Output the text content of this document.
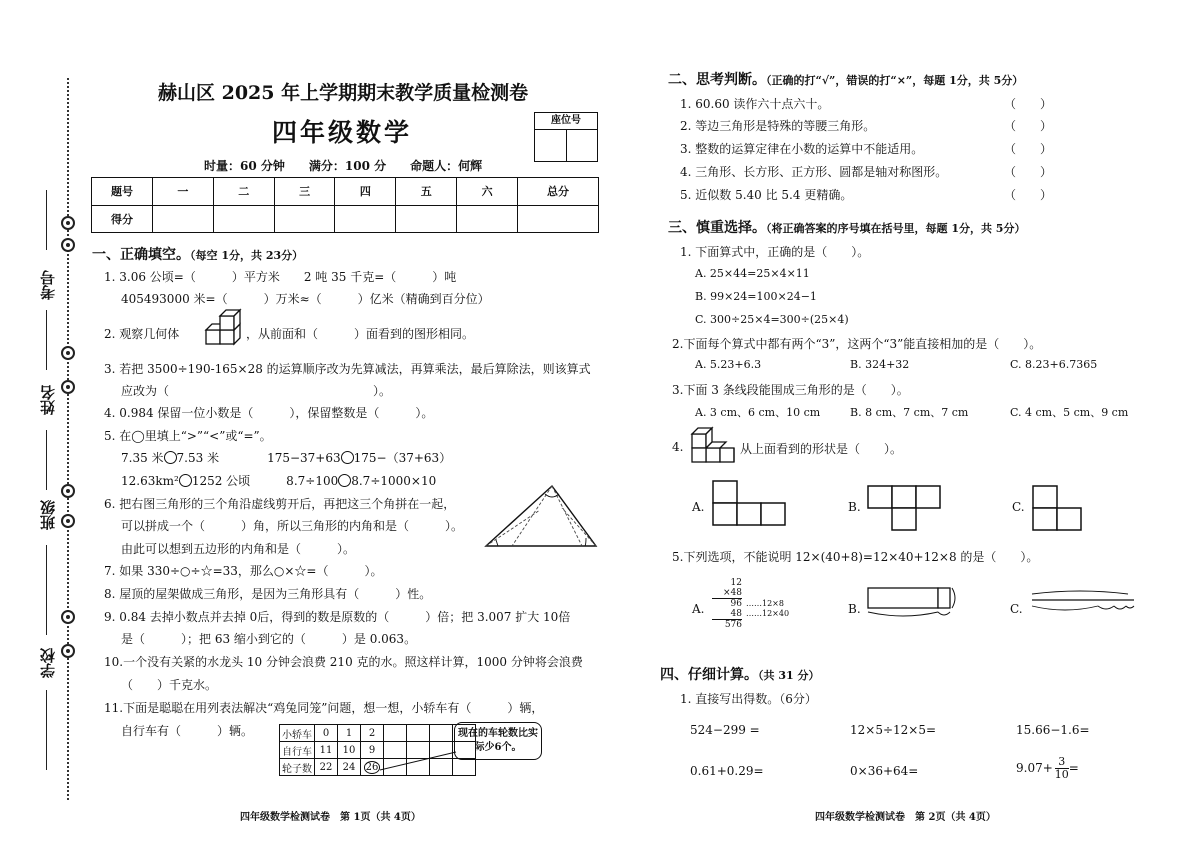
考号
姓名
班级
学校
赫山区 2025 年上学期期末教学质量检测卷
四年级数学	座位号
时量：60 分钟　　满分：100 分　　命题人：何辉
题号	一	二	三	四	五	六	总分
得分							
一、正确填空。（每空 1分，共 23分）
1. 3.06 公顷=（　　　）平方米　　2 吨 35 千克=（　　　）吨
405493000 米=（　　　）万米≈（　　　）亿米（精确到百分位）
2. 观察几何体	，从前面和（　　　）面看到的图形相同。
3. 若把 3500÷190-165×28 的运算顺序改为先算减法，再算乘法，最后算除法，则该算式
应改为（　　　　　　　　　　　　　　　　　）。
4. 0.984 保留一位小数是（　　　），保留整数是（　　　）。
5. 在◯里填上“>”“<”或“=”。
7.35 米 7.53 米　　　　175−37+63 175−（37+63）
12.63km² 1252 公顷　　　8.7÷100 8.7÷1000×10
6. 把右图三角形的三个角沿虚线剪开后，再把这三个角拼在一起，
可以拼成一个（　　　）角，所以三角形的内角和是（　　　）。
由此可以想到五边形的内角和是（　　　）。
7. 如果 330÷○÷☆=33，那么○×☆=（　　　）。
8. 屋顶的屋架做成三角形，是因为三角形具有（　　　）性。
9. 0.84 去掉小数点并去掉 0后，得到的数是原数的（　　　）倍；把 3.007 扩大 10倍
是（　　　）；把 63 缩小到它的（　　　）是 0.063。
10.一个没有关紧的水龙头 10 分钟会浪费 210 克的水。照这样计算，1000 分钟将会浪费
（　　）千克水。
11.下面是聪聪在用列表法解决“鸡兔同笼”问题，想一想，小轿车有（　　　）辆，
自行车有（　　　）辆。	小轿车	0	1	2				
自行车	11	10	9				
轮子数	22	24	26				
现在的车轮数比实际少6个。
二、思考判断。（正确的打“√”，错误的打“×”，每题 1分，共 5分）
1. 60.60 读作六十点六十。
2. 等边三角形是特殊的等腰三角形。
3. 整数的运算定律在小数的运算中不能适用。
4. 三角形、长方形、正方形、圆都是轴对称图形。
5. 近似数 5.40 比 5.4 更精确。
（　　）
（　　）
（　　）
（　　）
（　　）
三、慎重选择。（将正确答案的序号填在括号里，每题 1分，共 5分）
1. 下面算式中，正确的是（　　）。
A. 25×44=25×4×11
B. 99×24=100×24−1
C. 300÷25×4=300÷(25×4)
2.下面每个算式中都有两个“3”，这两个“3”能直接相加的是（　　）。
A. 5.23+6.3	B. 324+32	C. 8.23+6.7365
3.下面 3 条线段能围成三角形的是（　　）。
A. 3 cm、6 cm、10 cm	B. 8 cm、7 cm、7 cm	C. 4 cm、5 cm、9 cm
4.	从上面看到的形状是（　　）。
A.	B.	C.
5.下列选项，不能说明 12×(40+8)=12×40+12×8 的是（　　）。
A.
12
×48
96
48
576
……12×8
……12×40	B.	C.
四、仔细计算。（共 31 分）
1. 直接写出得数。（6分）
524−299 =	12×5÷12×5=	15.66−1.6=
0.61+0.29=	0×36+64=	$9.07+ \frac{3}{10}$ =
四年级数学检测试卷　第 1页（共 4页）	四年级数学检测试卷　第 2页（共 4页）
